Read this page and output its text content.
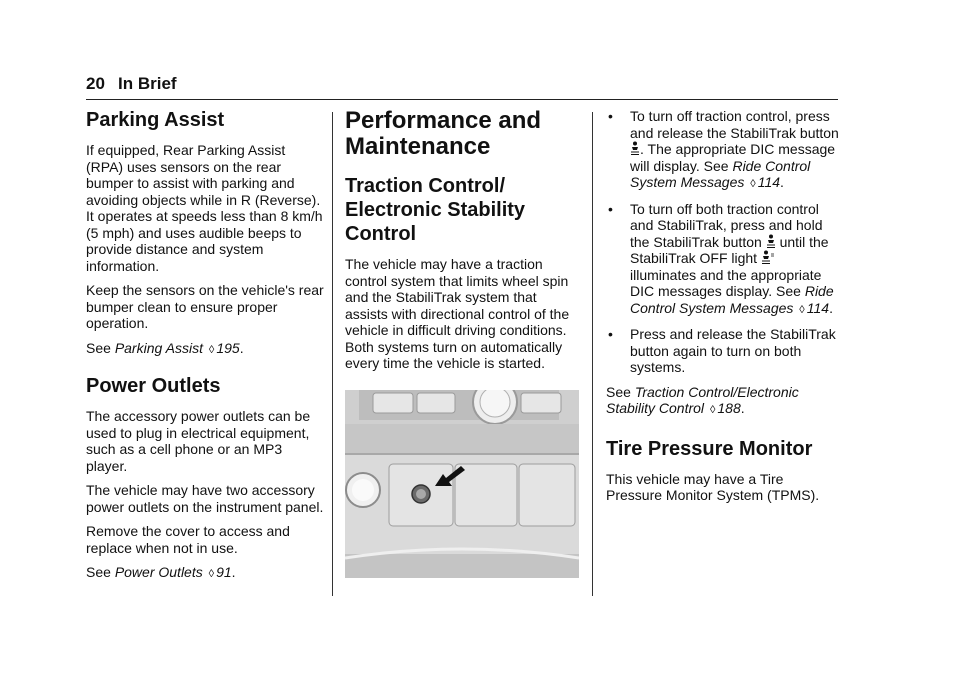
20 In Brief
Parking Assist

If equipped, Rear Parking Assist (RPA) uses sensors on the rear bumper to assist with parking and avoiding objects while in R (Reverse). It operates at speeds less than 8 km/h (5 mph) and uses audible beeps to provide distance and system information.

Keep the sensors on the vehicle's rear bumper clean to ensure proper operation.

See Parking Assist ◊ 195.

Power Outlets

The accessory power outlets can be used to plug in electrical equipment, such as a cell phone or an MP3 player.

The vehicle may have two accessory power outlets on the instrument panel.

Remove the cover to access and replace when not in use.

See Power Outlets ◊ 91.

Performance and Maintenance
Traction Control/ Electronic Stability Control

The vehicle may have a traction control system that limits wheel spin and the StabiliTrak system that assists with directional control of the vehicle in difficult driving conditions. Both systems turn on automatically every time the vehicle is started.

• To turn off traction control, press and release the StabiliTrak button . The appropriate DIC message will display. See Ride Control System Messages ◊ 114.
• To turn off both traction control and StabiliTrak, press and hold the StabiliTrak button until the StabiliTrak OFF light  illuminates and the appropriate DIC messages display. See Ride Control System Messages ◊ 114.
• Press and release the StabiliTrak button again to turn on both systems.

See Traction Control/Electronic Stability Control ◊ 188.

Tire Pressure Monitor

This vehicle may have a Tire Pressure Monitor System (TPMS).
